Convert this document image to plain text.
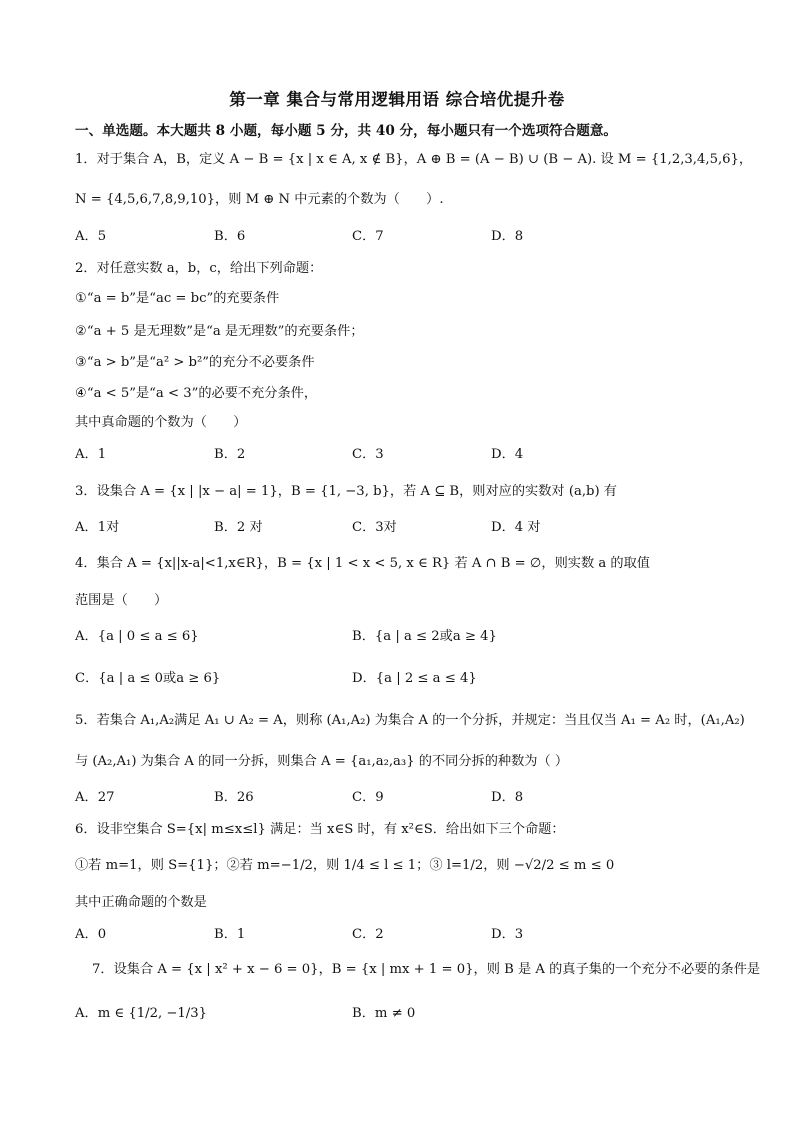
第一章 集合与常用逻辑用语 综合培优提升卷
一、单选题。本大题共 8 小题，每小题 5 分，共 40 分，每小题只有一个选项符合题意。
1．对于集合 A，B，定义 A − B = {x | x ∈ A, x ∉ B}，A ⊕ B = (A − B) ∪ (B − A). 设 M = {1,2,3,4,5,6}，
N = {4,5,6,7,8,9,10}，则 M ⊕ N 中元素的个数为（　　）.
A．5	B．6	C．7	D．8
2．对任意实数 a，b，c，给出下列命题：
①“a = b”是“ac = bc”的充要条件
②“a + 5 是无理数”是“a 是无理数”的充要条件；
③“a > b”是“a² > b²”的充分不必要条件
④“a < 5”是“a < 3”的必要不充分条件，
其中真命题的个数为（　　）
A．1	B．2	C．3	D．4
3．设集合 A = {x | |x − a| = 1}，B = {1, −3, b}，若 A ⊆ B，则对应的实数对 (a,b) 有
A．1对	B．2 对	C．3对	D．4 对
4．集合 A = {x||x-a|<1,x∈R}，B = {x | 1 < x < 5, x ∈ R} 若 A ∩ B = ∅，则实数 a 的取值
范围是（　　）
A．{a | 0 ≤ a ≤ 6}	B．{a | a ≤ 2或a ≥ 4}
C．{a | a ≤ 0或a ≥ 6}	D．{a | 2 ≤ a ≤ 4}
5．若集合 A₁,A₂满足 A₁ ∪ A₂ = A，则称 (A₁,A₂) 为集合 A 的一个分拆，并规定：当且仅当 A₁ = A₂ 时，(A₁,A₂)
与 (A₂,A₁) 为集合 A 的同一分拆，则集合 A = {a₁,a₂,a₃} 的不同分拆的种数为（ ）
A．27	B．26	C．9	D．8
6．设非空集合 S={x| m≤x≤l} 满足：当 x∈S 时，有 x²∈S．给出如下三个命题：
①若 m=1，则 S={1}；②若 m=−1/2，则 1/4 ≤ l ≤ 1；③ l=1/2，则 −√2/2 ≤ m ≤ 0
其中正确命题的个数是
A．0	B．1	C．2	D．3
7．设集合 A = {x | x² + x − 6 = 0}，B = {x | mx + 1 = 0}，则 B 是 A 的真子集的一个充分不必要的条件是
A．m ∈ {1/2, −1/3}	B．m ≠ 0
